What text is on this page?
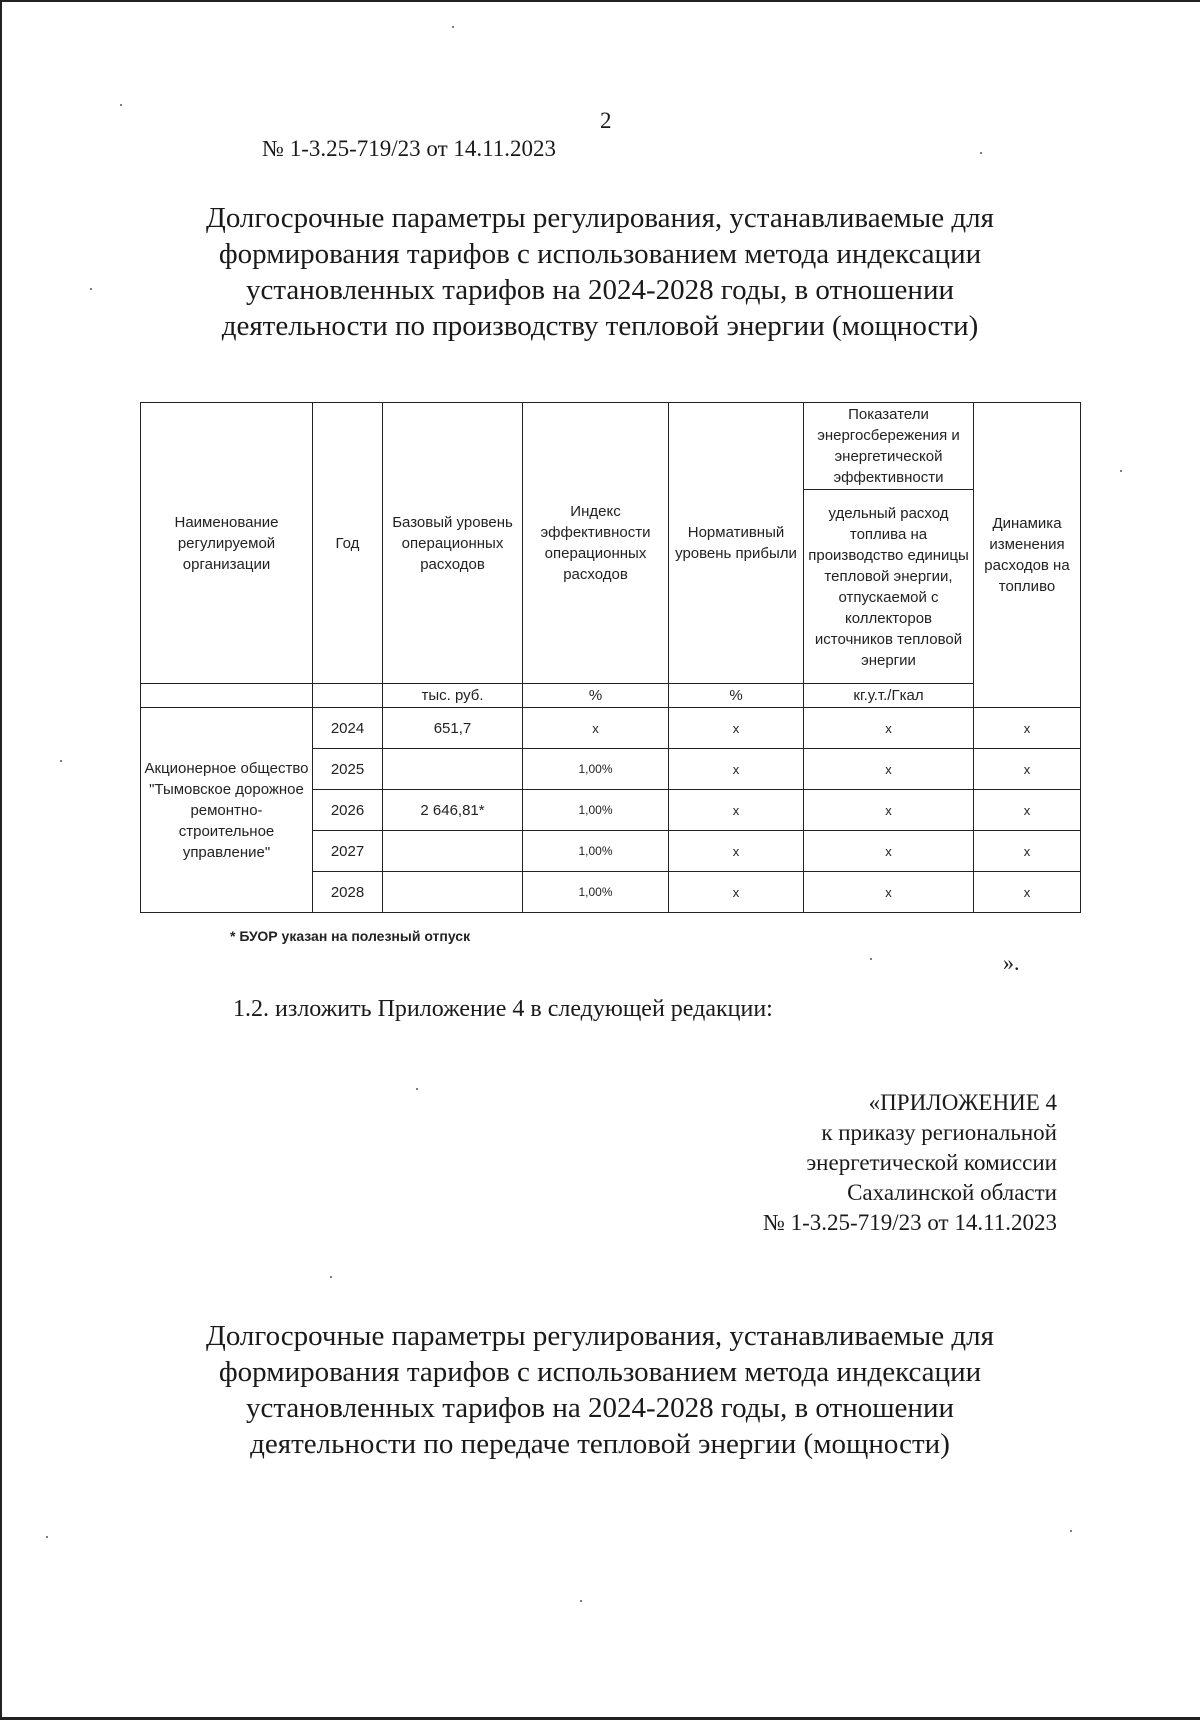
2
№ 1-3.25-719/23 от 14.11.2023
Долгосрочные параметры регулирования, устанавливаемые для
формирования тарифов с использованием метода индексации
установленных тарифов на 2024-2028 годы, в отношении
деятельности по производству тепловой энергии (мощности)
Наименование регулируемой организации	Год	Базовый уровень операционных расходов	Индекс эффективности операционных расходов	Нормативный уровень прибыли	Показатели энергосбережения и энергетической эффективности	Динамика изменения расходов на топливо
					удельный расход топлива на производство единицы тепловой энергии, отпускаемой с коллекторов источников тепловой энергии	
		тыс. руб.	%	%	кг.у.т./Гкал	
Акционерное общество "Тымовское дорожное ремонтно-строительное управление"	2024	651,7	x	x	x	x
	2025		1,00%	x	x	x
	2026	2 646,81*	1,00%	x	x	x
	2027		1,00%	x	x	x
	2028		1,00%	x	x	x
* БУОР указан на полезный отпуск
».
1.2. изложить Приложение 4 в следующей редакции:
«ПРИЛОЖЕНИЕ 4
к приказу региональной
энергетической комиссии
Сахалинской области
№ 1-3.25-719/23 от 14.11.2023
Долгосрочные параметры регулирования, устанавливаемые для
формирования тарифов с использованием метода индексации
установленных тарифов на 2024-2028 годы, в отношении
деятельности по передаче тепловой энергии (мощности)
